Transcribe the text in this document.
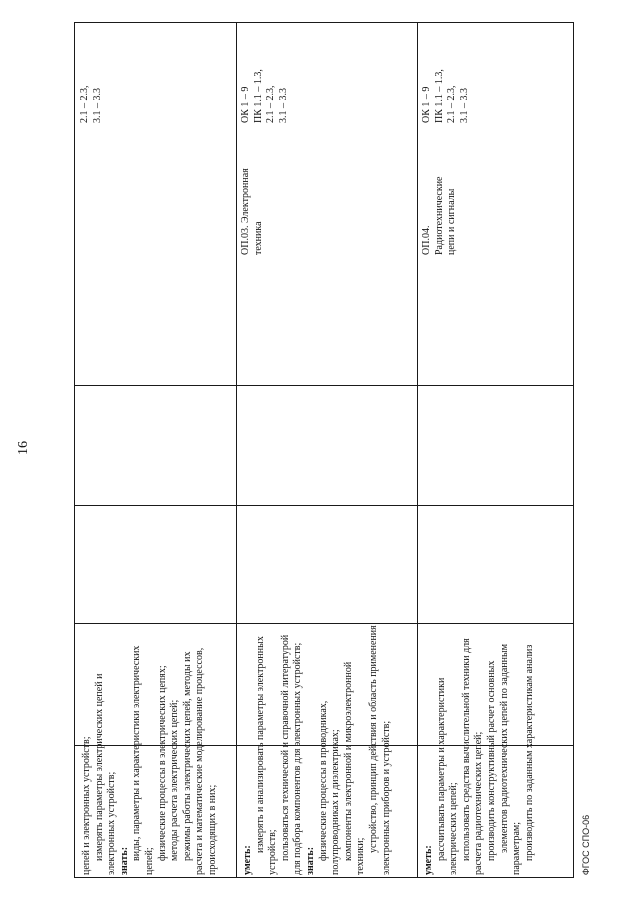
16
ФГОС СПО-06
2.1 – 2.3, 3.1 – 3.3
цепей и электронных устройств; измерять параметры электрических цепей и электронных устройств; знать: виды, параметры и характеристики электрических
цепей;
физические процессы в электрических цепях; методы расчета электрических цепей; режимы работы электрических цепей, методы их расчета и математические моделирование процессов, происходящих в них;
ОК 1 – 9 ПК 1.1 – 1.3, 2.1 – 2.3, 3.1 – 3.3
ОП.03. Электронная техника
уметь:
измерять и анализировать параметры электронных устройств; пользоваться технической и справочной литературой для подбора компонентов для электронных устройств; знать: физические процессы в проводниках, полупроводниках и диэлектриках; компоненты электронной и микроэлектронной техники;
устройство, принцип действия и область применения электронных приборов и устройств;
ОК 1 – 9 ПК 1.1 – 1.3, 2.1 – 2.3, 3.1 – 3.3
ОП.04. Радиотехнические цепи и сигналы
уметь: рассчитывать параметры и характеристики электрических цепей; использовать средства вычислительной техники для расчета радиотехнических цепей; производить конструктивный расчет основных элементов радиотехнических цепей по заданным параметрам; производить по заданным характеристикам анализ
